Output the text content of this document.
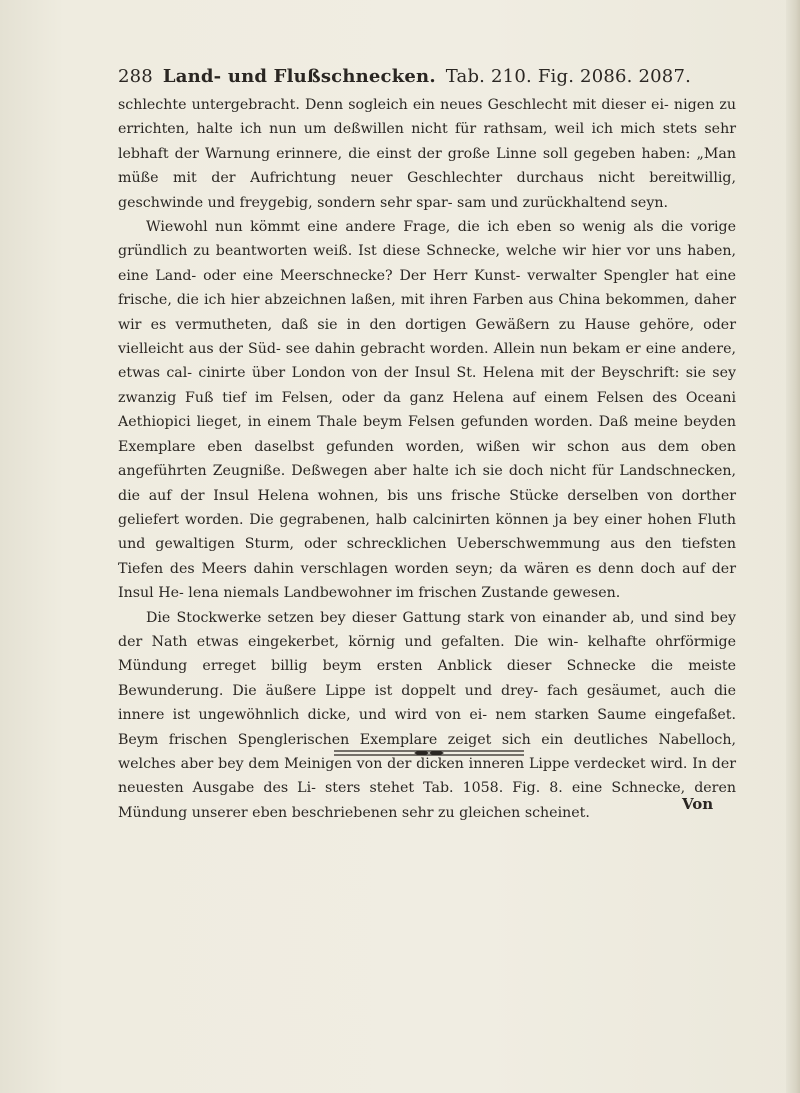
288 Land- und Flußschnecken. Tab. 210. Fig. 2086. 2087.

schlechte untergebracht. Denn sogleich ein neues Geschlecht mit dieser ei- nigen zu errichten, halte ich nun um deßwillen nicht für rathsam, weil ich mich stets sehr lebhaft der Warnung erinnere, die einst der große Linne soll gegeben haben: „Man müße mit der Aufrichtung neuer Geschlechter durchaus nicht bereitwillig, geschwinde und freygebig, sondern sehr spar- sam und zurückhaltend seyn.

Wiewohl nun kömmt eine andere Frage, die ich eben so wenig als die vorige gründlich zu beantworten weiß. Ist diese Schnecke, welche wir hier vor uns haben, eine Land- oder eine Meerschnecke? Der Herr Kunst- verwalter Spengler hat eine frische, die ich hier abzeichnen laßen, mit ihren Farben aus China bekommen, daher wir es vermutheten, daß sie in den dortigen Gewäßern zu Hause gehöre, oder vielleicht aus der Süd- see dahin gebracht worden. Allein nun bekam er eine andere, etwas cal- cinirte über London von der Insul St. Helena mit der Beyschrift: sie sey zwanzig Fuß tief im Felsen, oder da ganz Helena auf einem Felsen des Oceani Aethiopici lieget, in einem Thale beym Felsen gefunden worden. Daß meine beyden Exemplare eben daselbst gefunden worden, wißen wir schon aus dem oben angeführten Zeugniße. Deßwegen aber halte ich sie doch nicht für Landschnecken, die auf der Insul Helena wohnen, bis uns frische Stücke derselben von dorther geliefert worden. Die gegrabenen, halb calcinirten können ja bey einer hohen Fluth und gewaltigen Sturm, oder schrecklichen Ueberschwemmung aus den tiefsten Tiefen des Meers dahin verschlagen worden seyn; da wären es denn doch auf der Insul He- lena niemals Landbewohner im frischen Zustande gewesen.

Die Stockwerke setzen bey dieser Gattung stark von einander ab, und sind bey der Nath etwas eingekerbet, körnig und gefalten. Die win- kelhafte ohrförmige Mündung erreget billig beym ersten Anblick dieser Schnecke die meiste Bewunderung. Die äußere Lippe ist doppelt und drey- fach gesäumet, auch die innere ist ungewöhnlich dicke, und wird von ei- nem starken Saume eingefaßet. Beym frischen Spenglerischen Exemplare zeiget sich ein deutliches Nabelloch, welches aber bey dem Meinigen von der dicken inneren Lippe verdecket wird. In der neuesten Ausgabe des Li- sters stehet Tab. 1058. Fig. 8. eine Schnecke, deren Mündung unserer eben beschriebenen sehr zu gleichen scheinet.	Von
